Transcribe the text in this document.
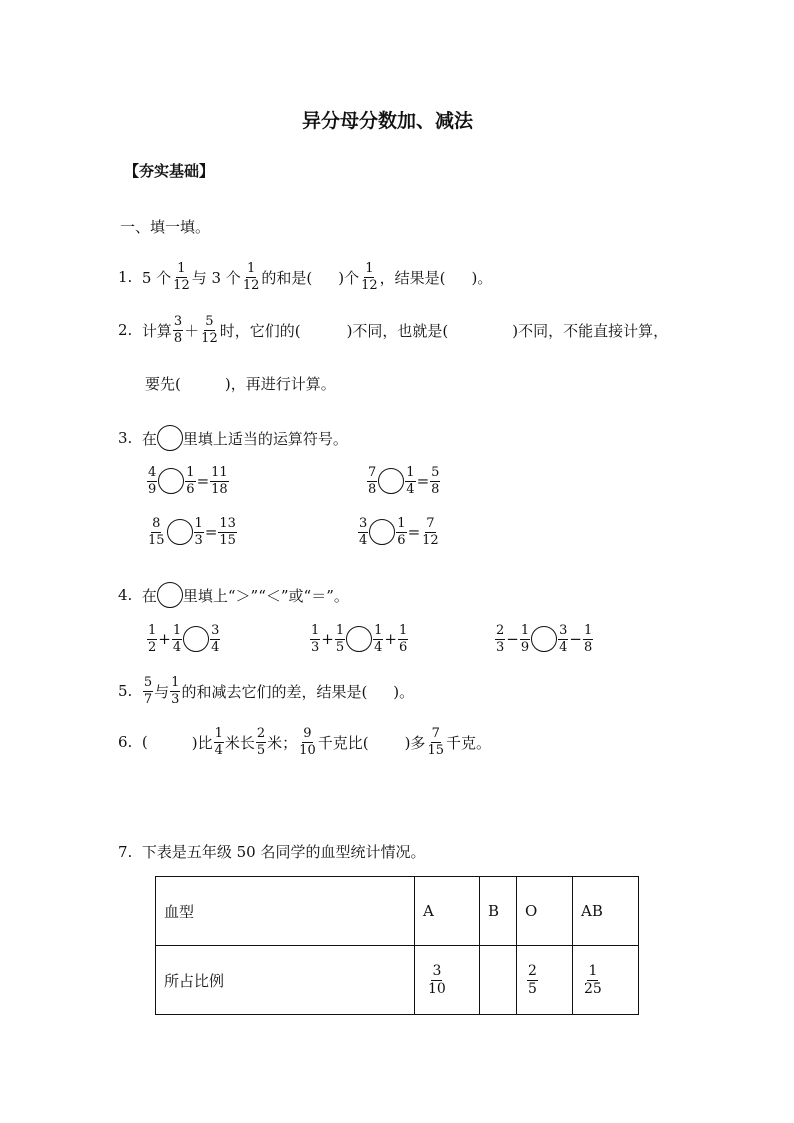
异分母分数加、减法
【夯实基础】
一、填一填。
1.
5 个 $\frac{1}{12}$ 与 3 个 $\frac{1}{12}$ 的和是( )个 $\frac{1}{12}$ ，结果是( )。
2.
计算 $\frac{3}{8} + \frac{5}{12}$ 时，它们的(	)不同，也就是(	)不同，不能直接计算，
要先(	)，再进行计算。
3.
在 里填上适当的运算符号。
$\frac{4}{9} \frac{1}{6} = \frac{11}{18}$	$\frac{7}{8} \frac{1}{4} = \frac{5}{8}$
$\frac{8}{15} \frac{1}{3} = \frac{13}{15}$	$\frac{3}{4} \frac{1}{6} = \frac{7}{12}$
4.
在 里填上“＞”“＜”或“＝”。
$\frac{1}{2} + \frac{1}{4} \frac{3}{4}$	$\frac{1}{3} + \frac{1}{5} \frac{1}{4} + \frac{1}{6}$	$\frac{2}{3} - \frac{1}{9} \frac{3}{4} - \frac{1}{8}$
5.
$\frac{5}{7}$ 与 $\frac{1}{3}$ 的和减去它们的差，结果是( )。
6.
(	)比 $\frac{1}{4}$ 米长 $\frac{2}{5}$ 米； $\frac{9}{10}$ 千克比( )多 $\frac{7}{15}$ 千克。
7.
下表是五年级 50 名同学的血型统计情况。
血型	A	B	O	AB
所占比例	$\frac{3}{10}$		$\frac{2}{5}$	$\frac{1}{25}$
